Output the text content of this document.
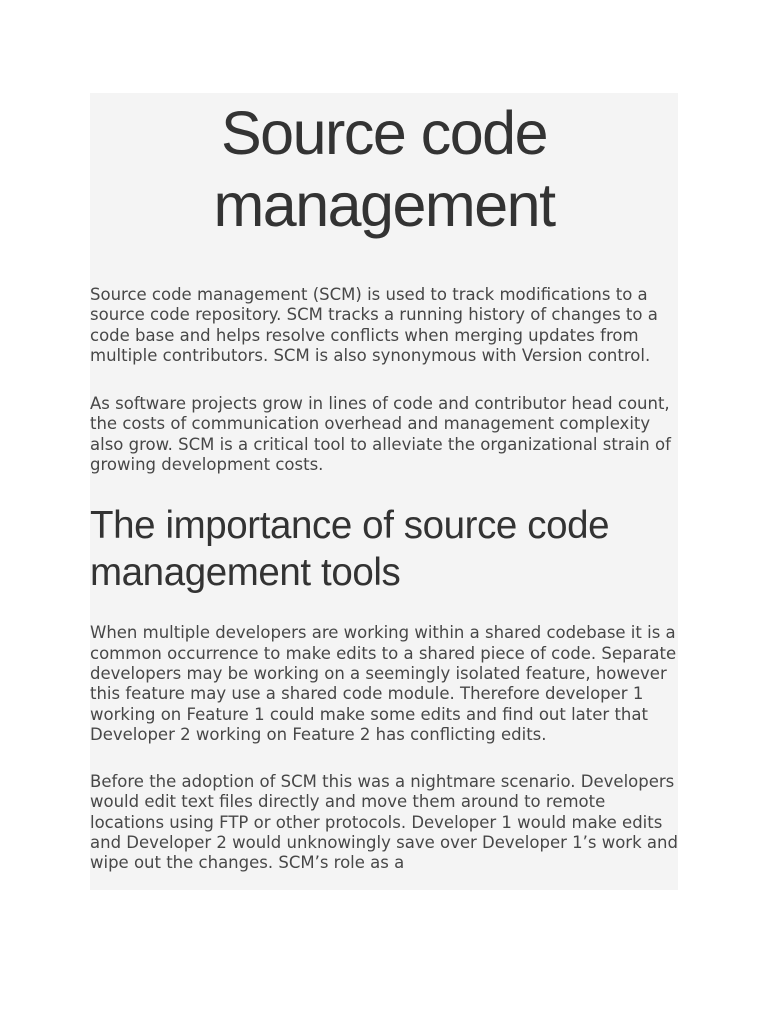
Source code
management

Source code management (SCM) is used to track modifications to a source code repository. SCM tracks a running history of changes to a code base and helps resolve conflicts when merging updates from multiple contributors. SCM is also synonymous with Version control.

As software projects grow in lines of code and contributor head count, the costs of communication overhead and management complexity also grow. SCM is a critical tool to alleviate the organizational strain of growing development costs.

The importance of source code management tools

When multiple developers are working within a shared codebase it is a common occurrence to make edits to a shared piece of code. Separate developers may be working on a seemingly isolated feature, however this feature may use a shared code module. Therefore developer 1 working on Feature 1 could make some edits and find out later that Developer 2 working on Feature 2 has conflicting edits.

Before the adoption of SCM this was a nightmare scenario. Developers would edit text files directly and move them around to remote locations using FTP or other protocols. Developer 1 would make edits and Developer 2 would unknowingly save over Developer 1’s work and wipe out the changes. SCM’s role as a
